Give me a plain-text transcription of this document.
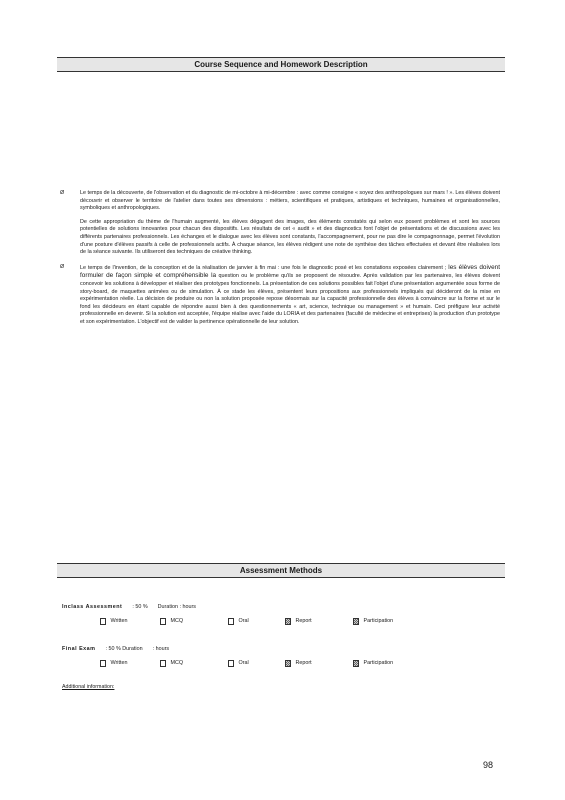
Course Sequence and Homework Description
Ø	Le temps de la découverte, de l'observation et du diagnostic de mi-octobre à mi-décembre : avec comme consigne « soyez des anthropologues sur mars ! ». Les élèves doivent découvrir et observer le territoire de l'atelier dans toutes ses dimensions : métiers, scientifiques et pratiques, artistiques et techniques, humaines et organisationnelles, symboliques et anthropologiques.

De cette appropriation du thème de l'humain augmenté, les élèves dégagent des images, des éléments constatés qui selon eux posent problèmes et sont les sources potentielles de solutions innovantes pour chacun des dispositifs. Les résultats de cet « audit » et des diagnostics font l'objet de présentations et de discussions avec les différents partenaires professionnels. Les échanges et le dialogue avec les élèves sont constants, l'accompagnement, pour ne pas dire le compagnonnage, permet l'évolution d'une posture d'élèves passifs à celle de professionnels actifs. À chaque séance, les élèves rédigent une note de synthèse des tâches effectuées et devant être réalisées lors de la séance suivante. Ils utiliseront des techniques de créative thinking.

Ø	Le temps de l'invention, de la conception et de la réalisation de janvier à fin mai : une fois le diagnostic posé et les constations exposées clairement ; les élèves doivent formuler de façon simple et compréhensible la question ou le problème qu'ils se proposent de résoudre. Après validation par les partenaires, les élèves doivent concevoir les solutions à développer et réaliser des prototypes fonctionnels. La présentation de ces solutions possibles fait l'objet d'une présentation argumentée sous forme de story-board, de maquettes animées ou de simulation. À ce stade les élèves, présentent leurs propositions aux professionnels impliqués qui décideront de la mise en expérimentation réelle. La décision de produire ou non la solution proposée repose désormais sur la capacité professionnelle des élèves à convaincre sur la forme et sur le fond les décideurs en étant capable de répondre aussi bien à des questionnements « art, science, technique ou management » et humain. Ceci préfigure leur activité professionnelle en devenir. Si la solution est acceptée, l'équipe réalise avec l'aide du LORIA et des partenaires (faculté de médecine et entreprises) la production d'un prototype et son expérimentation. L'objectif est de valider la pertinence opérationnelle de leur solution.

Assessment Methods
Inclass Assessment : 50 % Duration : hours
Written	MCQ	Oral	Report	Participation
Final Exam : 50 % Duration : hours
Written	MCQ	Oral	Report	Participation
Additional information:
98
